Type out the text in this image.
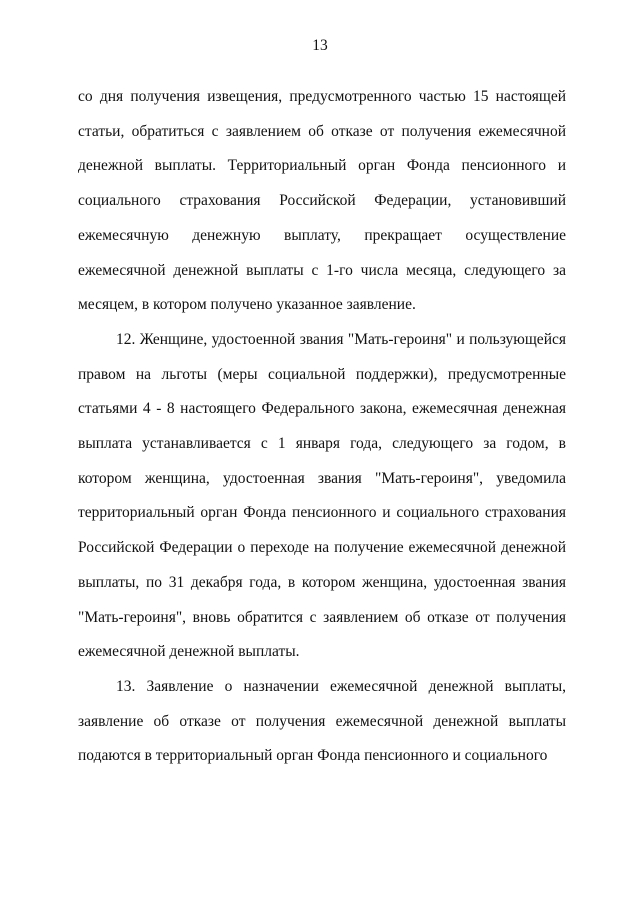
13

со дня получения извещения, предусмотренного частью 15 настоящей статьи, обратиться с заявлением об отказе от получения ежемесячной денежной выплаты. Территориальный орган Фонда пенсионного и социального страхования Российской Федерации, установивший ежемесячную денежную выплату, прекращает осуществление ежемесячной денежной выплаты с 1-го числа месяца, следующего за месяцем, в котором получено указанное заявление.

12. Женщине, удостоенной звания "Мать-героиня" и пользующейся правом на льготы (меры социальной поддержки), предусмотренные статьями 4 - 8 настоящего Федерального закона, ежемесячная денежная выплата устанавливается с 1 января года, следующего за годом, в котором женщина, удостоенная звания "Мать-героиня", уведомила территориальный орган Фонда пенсионного и социального страхования Российской Федерации о переходе на получение ежемесячной денежной выплаты, по 31 декабря года, в котором женщина, удостоенная звания "Мать-героиня", вновь обратится с заявлением об отказе от получения ежемесячной денежной выплаты.

13. Заявление о назначении ежемесячной денежной выплаты, заявление об отказе от получения ежемесячной денежной выплаты подаются в территориальный орган Фонда пенсионного и социального
